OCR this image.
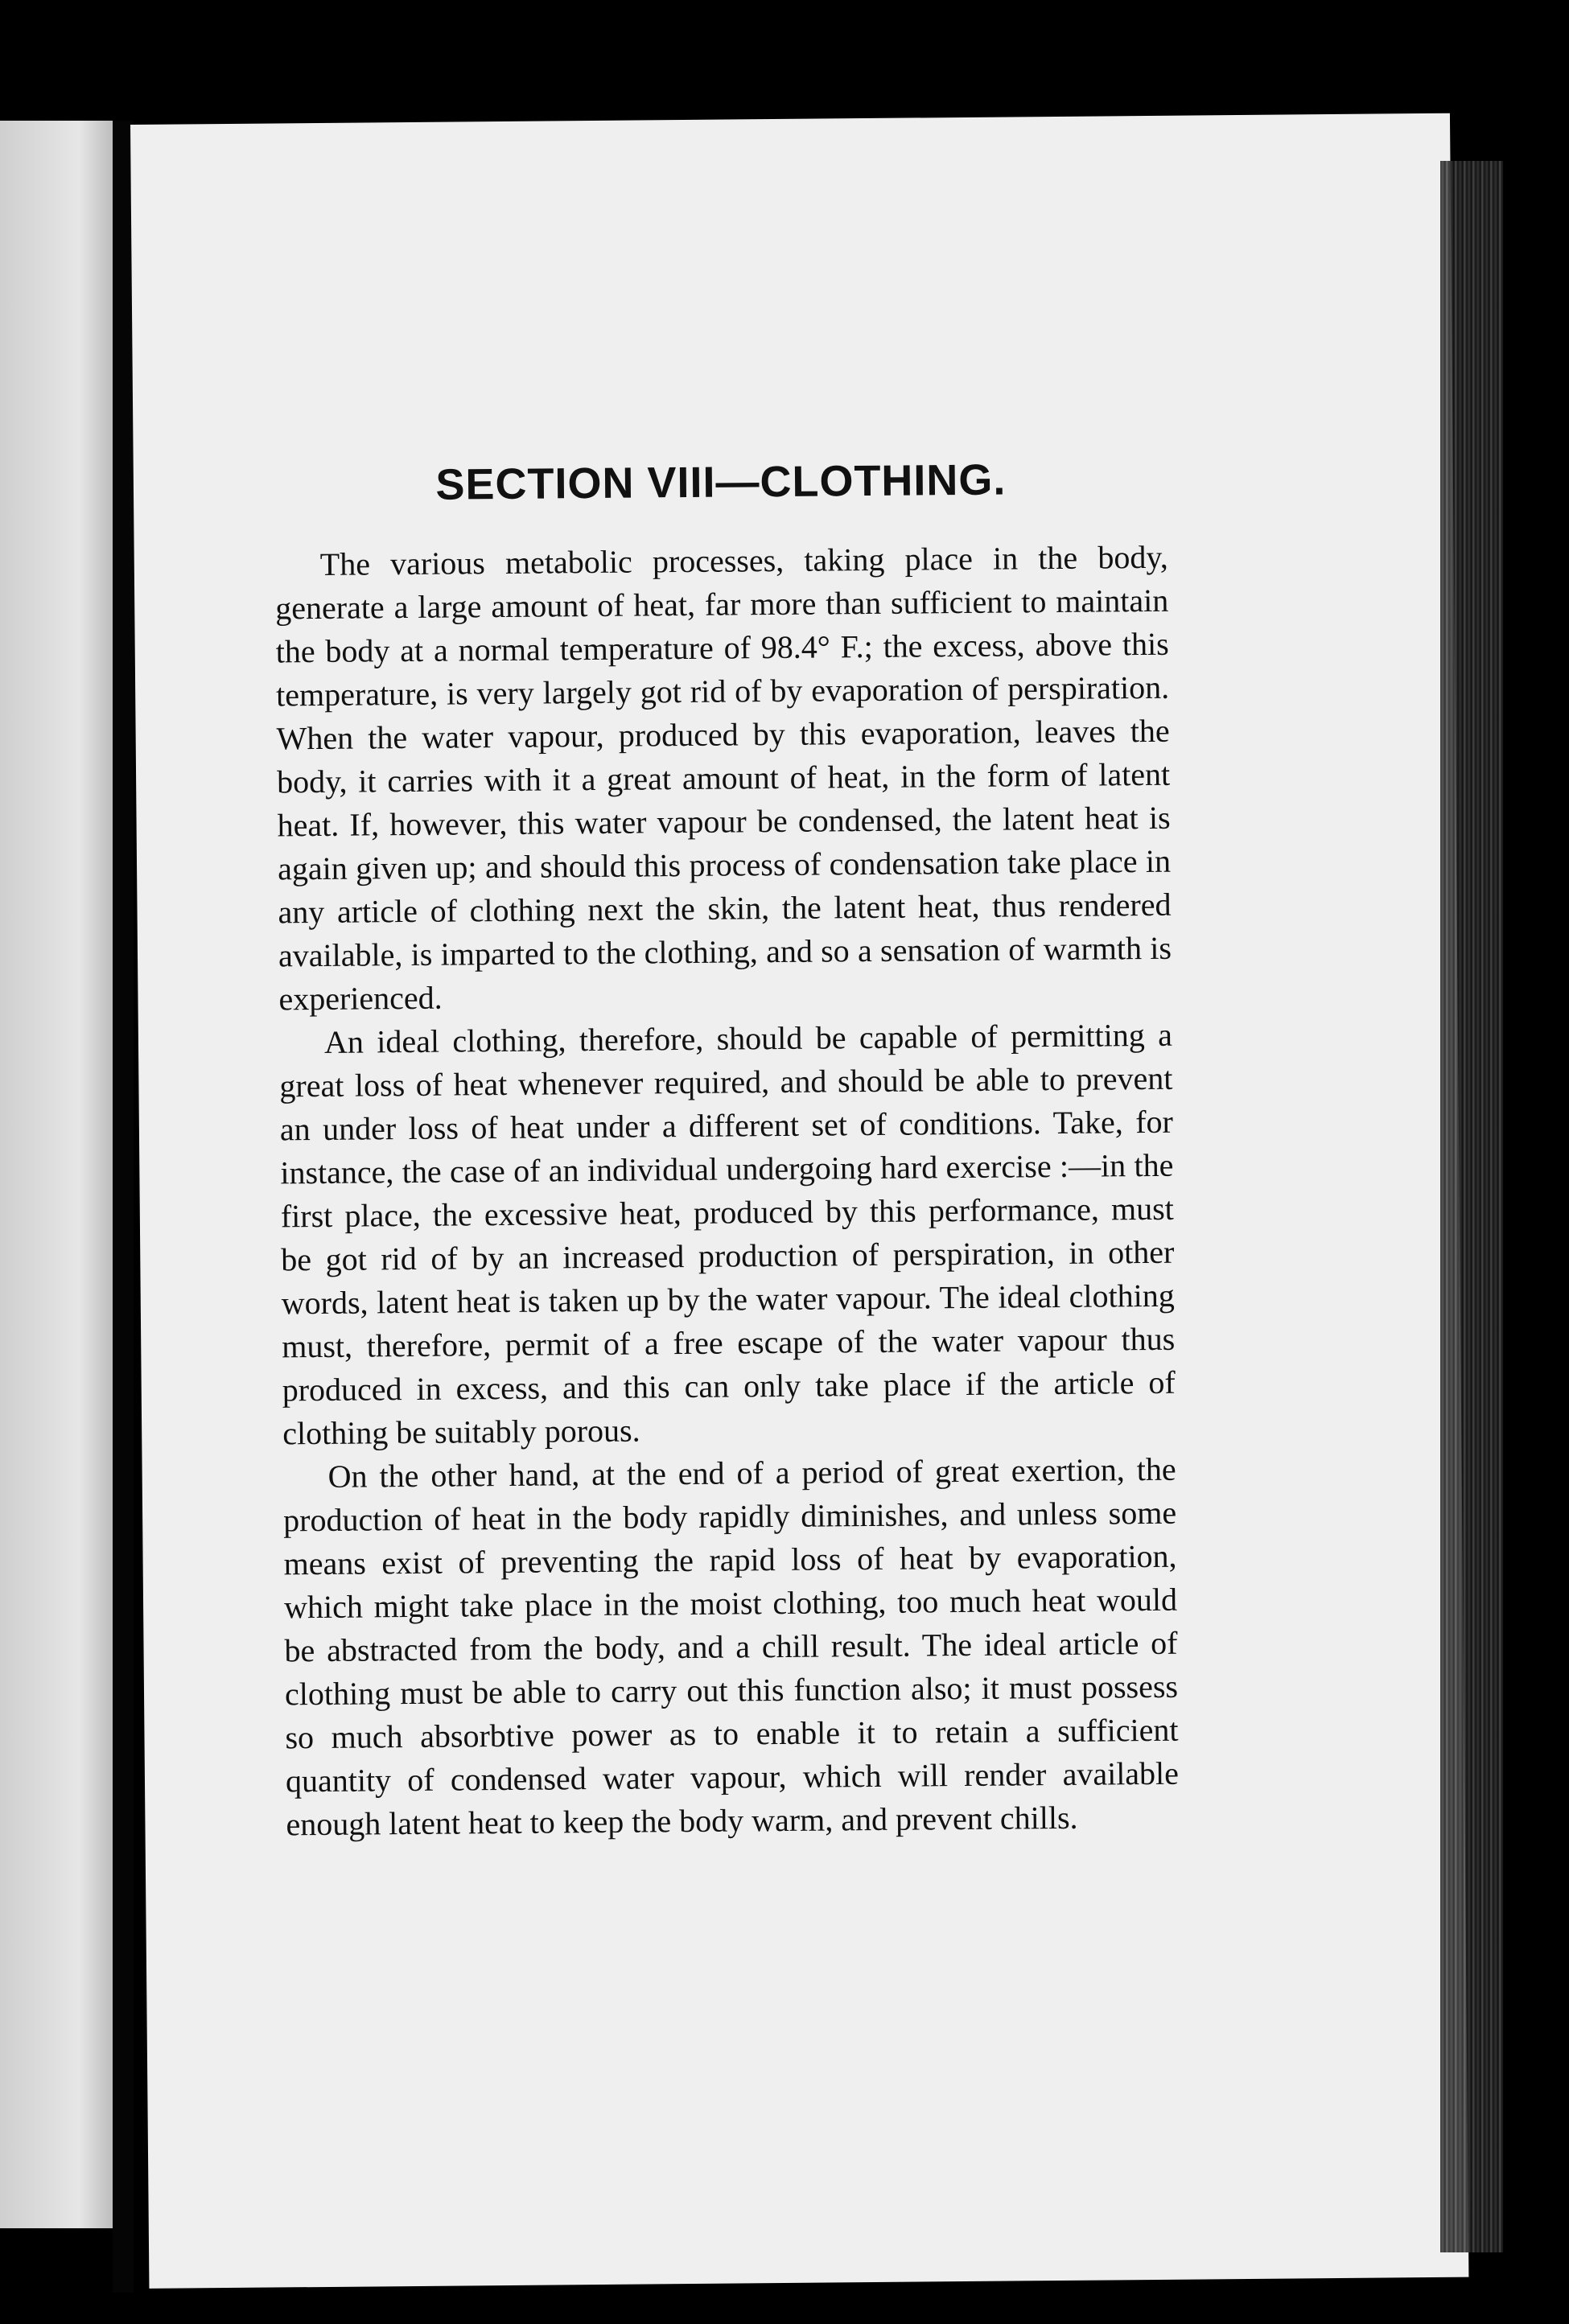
SECTION VIII—CLOTHING.

The various metabolic processes, taking place in the body, generate a large amount of heat, far more than sufficient to maintain the body at a normal temperature of 98.4° F.; the excess, above this temperature, is very largely got rid of by evaporation of perspiration. When the water vapour, produced by this evaporation, leaves the body, it carries with it a great amount of heat, in the form of latent heat. If, however, this water vapour be condensed, the latent heat is again given up; and should this process of condensation take place in any article of clothing next the skin, the latent heat, thus rendered available, is imparted to the clothing, and so a sensation of warmth is experienced.

An ideal clothing, therefore, should be capable of permitting a great loss of heat whenever required, and should be able to prevent an under loss of heat under a different set of conditions. Take, for instance, the case of an individual undergoing hard exercise :—in the first place, the excessive heat, produced by this performance, must be got rid of by an increased production of perspiration, in other words, latent heat is taken up by the water vapour. The ideal clothing must, therefore, permit of a free escape of the water vapour thus produced in excess, and this can only take place if the article of clothing be suitably porous.

On the other hand, at the end of a period of great exertion, the production of heat in the body rapidly diminishes, and unless some means exist of preventing the rapid loss of heat by evaporation, which might take place in the moist clothing, too much heat would be abstracted from the body, and a chill result. The ideal article of clothing must be able to carry out this function also; it must possess so much absorbtive power as to enable it to retain a sufficient quantity of condensed water vapour, which will render available enough latent heat to keep the body warm, and prevent chills.
